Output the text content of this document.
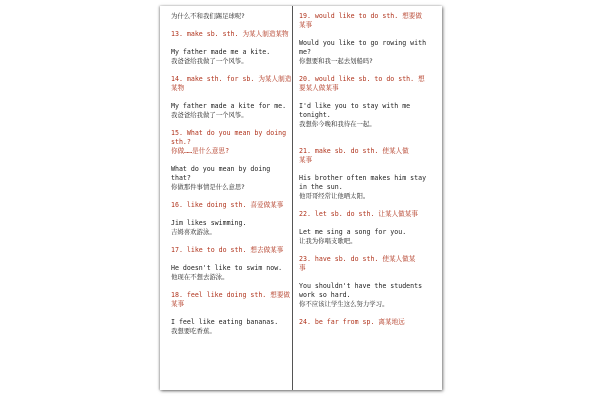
为什么不和我们踢足球呢?
13. make sb. sth. 为某人制造某物
My father made me a kite.
我爸爸给我做了一个风筝。
14. make sth. for sb. 为某人制造
某物
My father made a kite for me.
我爸爸给我做了一个风筝。
15. What do you mean by doing sth.?
你做……是什么意思?
What do you mean by doing that?
你做那件事情是什么意思?
16. like doing sth. 喜爱做某事
Jim likes swimming.
吉姆喜欢游泳。
17. like to do sth. 想去做某事
He doesn't like to swim now.
他现在不想去游泳。
18. feel like doing sth. 想要做
某事
I feel like eating bananas.
我想要吃香蕉。
19. would like to do sth. 想要做
某事
Would you like to go rowing with
me?
你想要和我一起去划船吗?
20. would like sb. to do sth. 想
要某人做某事
I'd like you to stay with me
tonight.
我想你今晚和我待在一起。
21. make sb. do sth. 使某人做
某事
His brother often makes him stay
in the sun.
他哥哥经常让他晒太阳。
22. let sb. do sth. 让某人做某事
Let me sing a song for you.
让我为你唱支歌吧。
23. have sb. do sth. 使某人做某
事
You shouldn't have the students
work so hard.
你不应该让学生这么努力学习。
24. be far from sp. 离某地远
